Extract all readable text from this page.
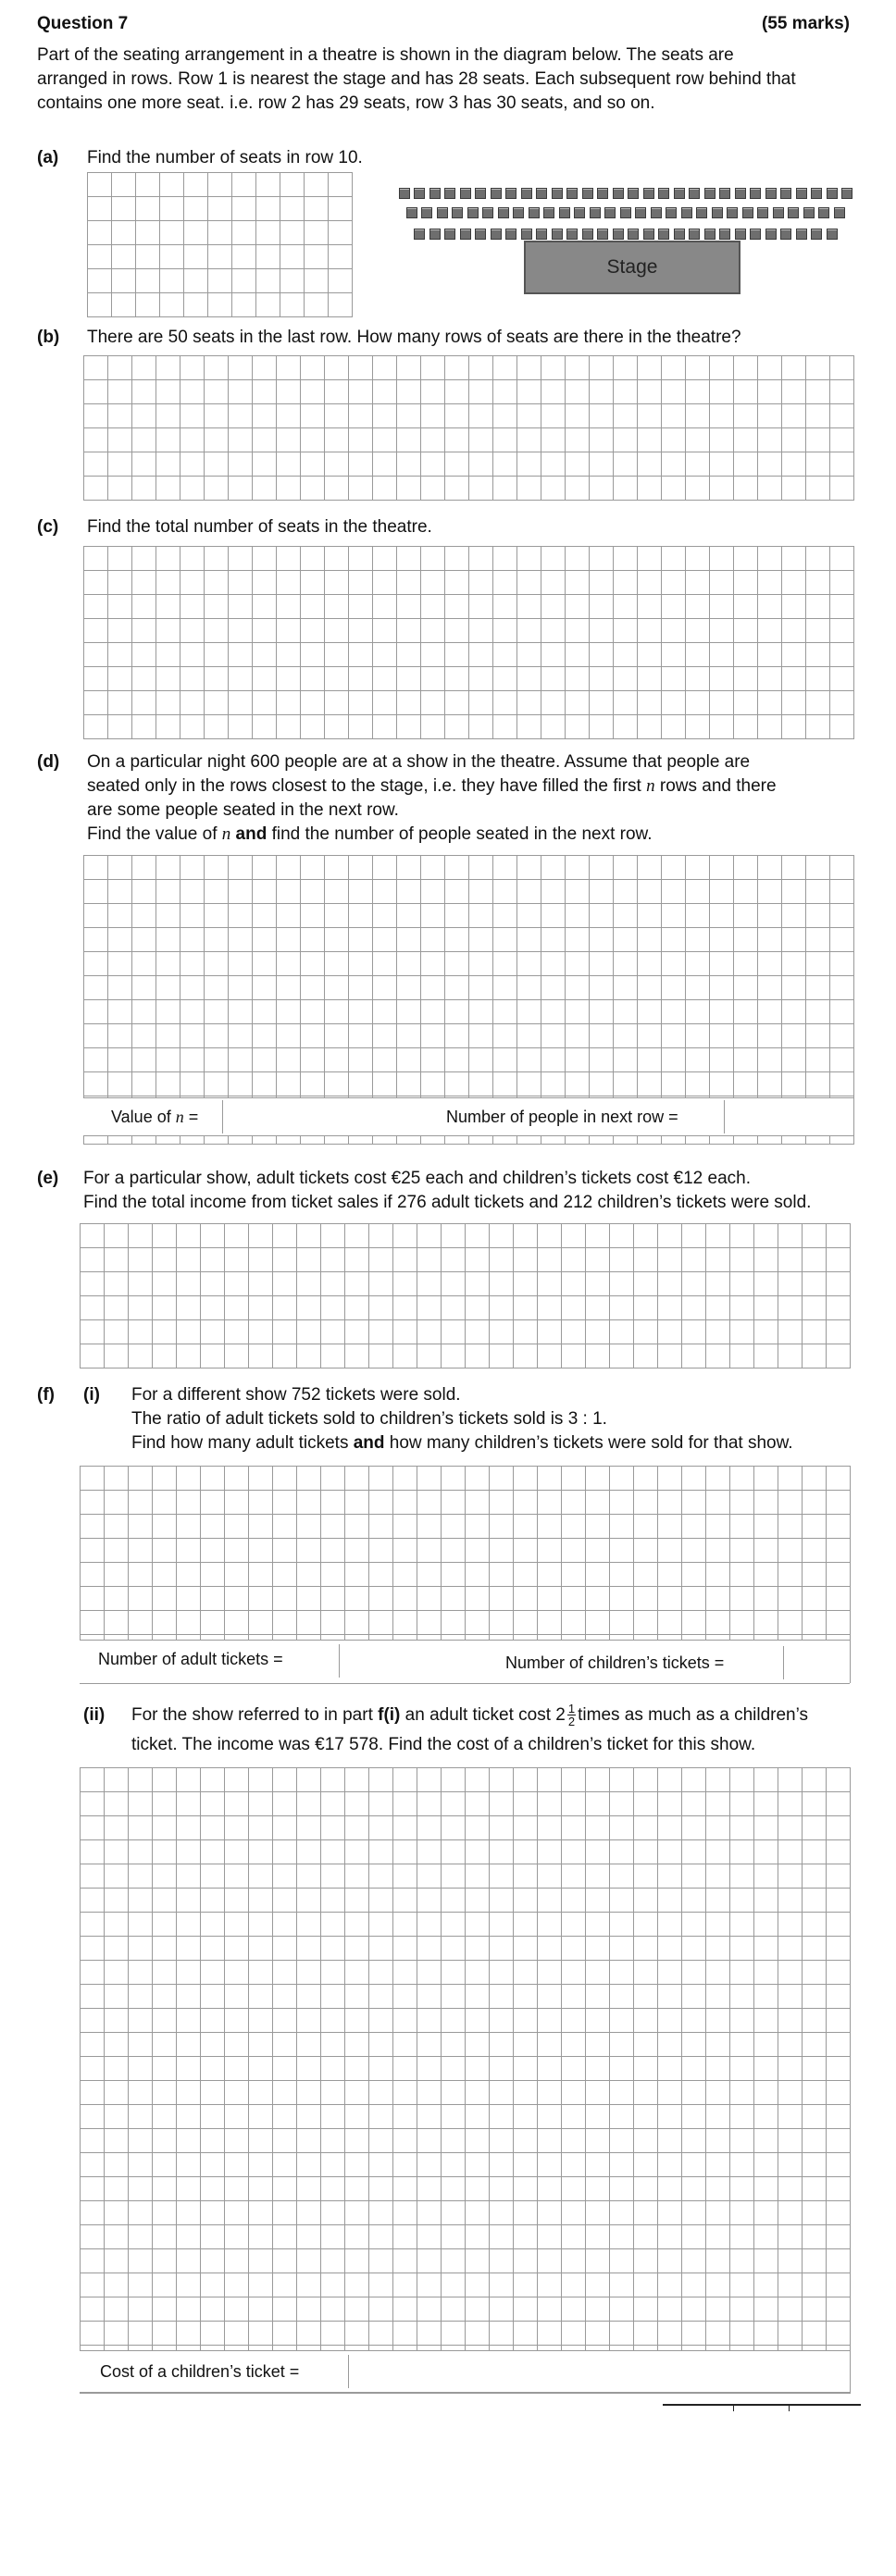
Question 7	(55 marks)
Part of the seating arrangement in a theatre is shown in the diagram below. The seats are
arranged in rows. Row 1 is nearest the stage and has 28 seats. Each subsequent row behind that
contains one more seat. i.e. row 2 has 29 seats, row 3 has 30 seats, and so on.
(a) Find the number of seats in row 10.
Stage
(b) There are 50 seats in the last row. How many rows of seats are there in the theatre?
(c) Find the total number of seats in the theatre.
(d) On a particular night 600 people are at a show in the theatre. Assume that people are
seated only in the rows closest to the stage, i.e. they have filled the first n rows and there
are some people seated in the next row.
Find the value of n and find the number of people seated in the next row.
Value of n =	Number of people in next row =
(e) For a particular show, adult tickets cost €25 each and children’s tickets cost €12 each.
Find the total income from ticket sales if 276 adult tickets and 212 children’s tickets were sold.
(f) (i) For a different show 752 tickets were sold.
The ratio of adult tickets sold to children’s tickets sold is 3 : 1.
Find how many adult tickets and how many children’s tickets were sold for that show.
Number of adult tickets =	Number of children’s tickets =
(ii) For the show referred to in part f(i) an adult ticket cost $2 \frac{1}{2}$ times as much as a children’s
ticket. The income was €17 578. Find the cost of a children’s ticket for this show.
Cost of a children’s ticket =
